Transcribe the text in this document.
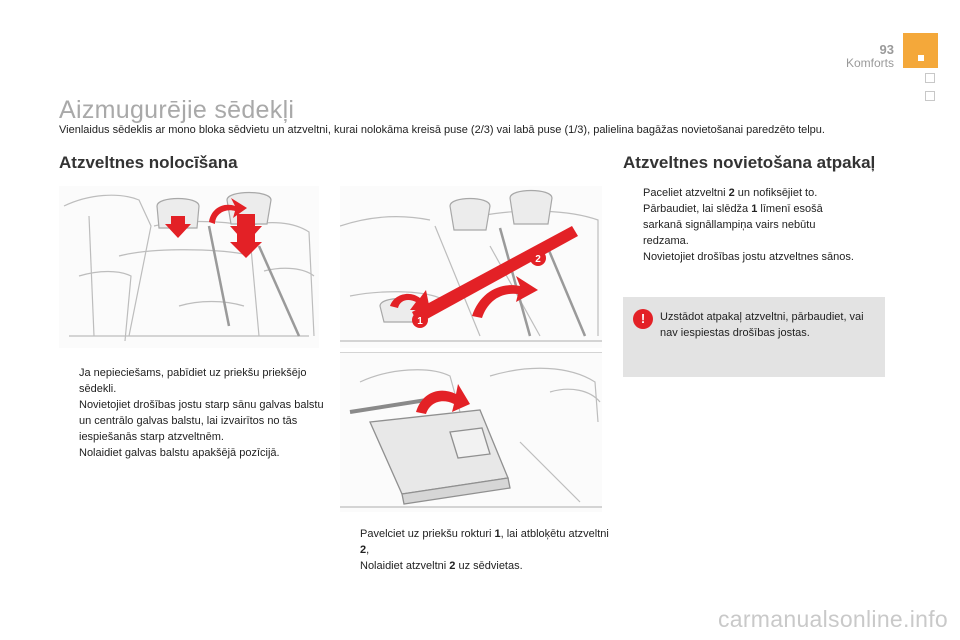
93
Komforts
Aizmugurējie sēdekļi

Vienlaidus sēdeklis ar mono bloka sēdvietu un atzveltni, kurai nolokāma kreisā puse (2/3) vai labā puse (1/3), palielina bagāžas novietošanai paredzēto telpu.

Atzveltnes nolocīšana	Atzveltnes novietošana atpakaļ
1
2
Ja nepieciešams, pabīdiet uz priekšu priekšējo sēdekli.
Novietojiet drošības jostu starp sānu galvas balstu un centrālo galvas balstu, lai izvairītos no tās iespiešanās starp atzveltnēm.
Nolaidiet galvas balstu apakšējā pozīcijā.
Pavelciet uz priekšu rokturi 1, lai atbloķētu atzveltni 2,
Nolaidiet atzveltni 2 uz sēdvietas.
Paceliet atzveltni 2 un nofiksējiet to.
Pārbaudiet, lai slēdža 1 līmenī esošā sarkanā signāllampiņa vairs nebūtu redzama.
Novietojiet drošības jostu atzveltnes sānos.
!	Uzstādot atpakaļ atzveltni, pārbaudiet, vai nav iespiestas drošības jostas.

carmanualsonline.info
